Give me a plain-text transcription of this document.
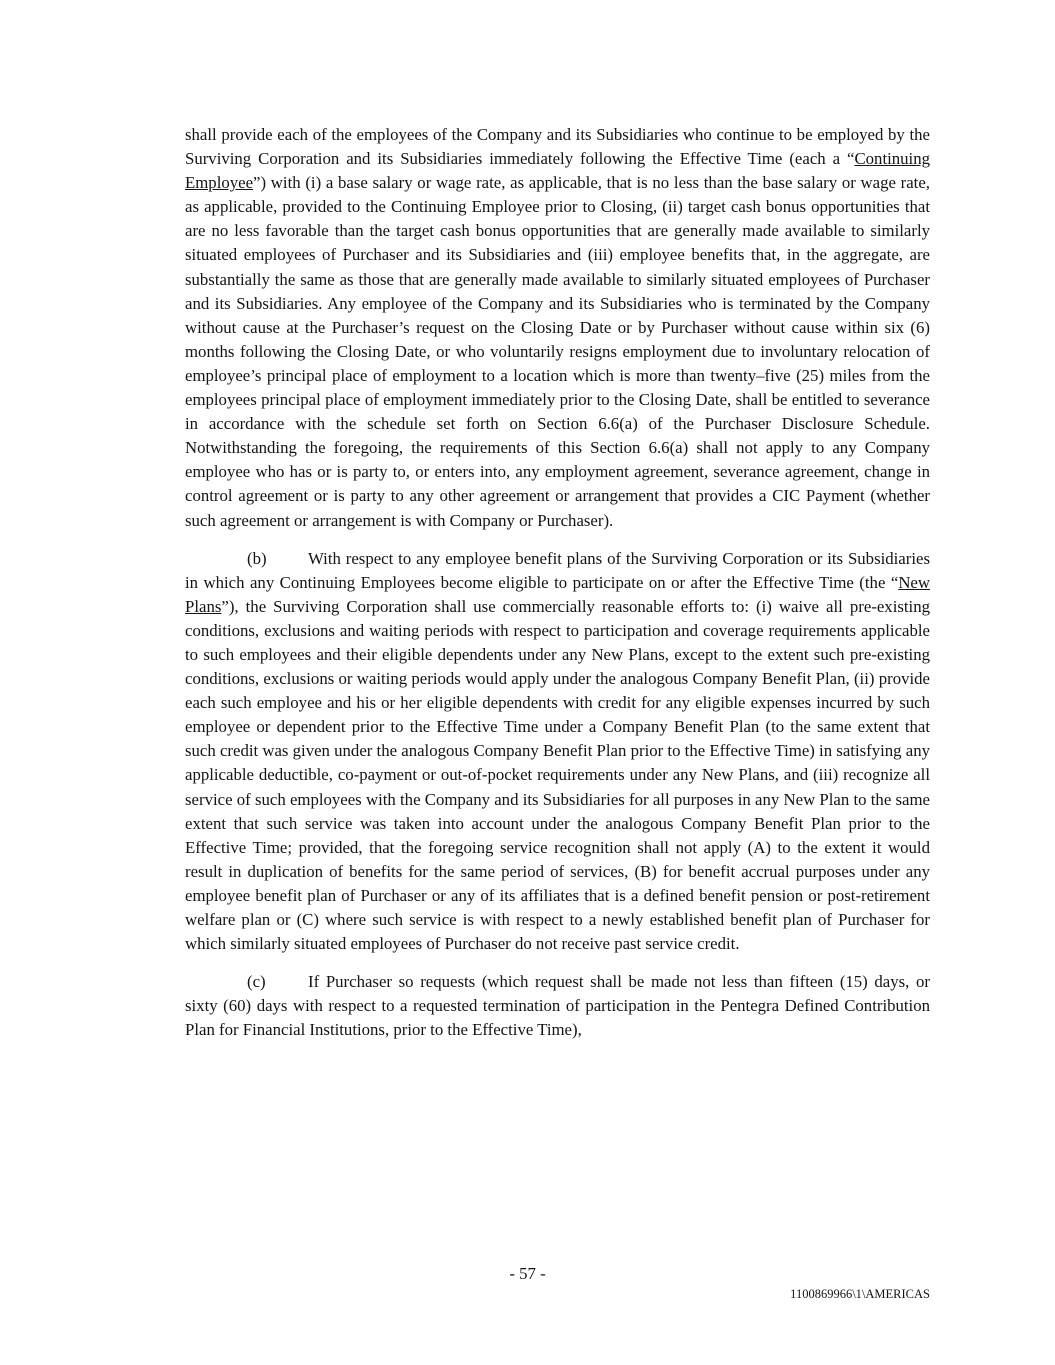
shall provide each of the employees of the Company and its Subsidiaries who continue to be employed by the Surviving Corporation and its Subsidiaries immediately following the Effective Time (each a “Continuing Employee”) with (i) a base salary or wage rate, as applicable, that is no less than the base salary or wage rate, as applicable, provided to the Continuing Employee prior to Closing, (ii) target cash bonus opportunities that are no less favorable than the target cash bonus opportunities that are generally made available to similarly situated employees of Purchaser and its Subsidiaries and (iii) employee benefits that, in the aggregate, are substantially the same as those that are generally made available to similarly situated employees of Purchaser and its Subsidiaries. Any employee of the Company and its Subsidiaries who is terminated by the Company without cause at the Purchaser’s request on the Closing Date or by Purchaser without cause within six (6) months following the Closing Date, or who voluntarily resigns employment due to involuntary relocation of employee’s principal place of employment to a location which is more than twenty–five (25) miles from the employees principal place of employment immediately prior to the Closing Date, shall be entitled to severance in accordance with the schedule set forth on Section 6.6(a) of the Purchaser Disclosure Schedule. Notwithstanding the foregoing, the requirements of this Section 6.6(a) shall not apply to any Company employee who has or is party to, or enters into, any employment agreement, severance agreement, change in control agreement or is party to any other agreement or arrangement that provides a CIC Payment (whether such agreement or arrangement is with Company or Purchaser).

(b) With respect to any employee benefit plans of the Surviving Corporation or its Subsidiaries in which any Continuing Employees become eligible to participate on or after the Effective Time (the “New Plans”), the Surviving Corporation shall use commercially reasonable efforts to: (i) waive all pre-existing conditions, exclusions and waiting periods with respect to participation and coverage requirements applicable to such employees and their eligible dependents under any New Plans, except to the extent such pre-existing conditions, exclusions or waiting periods would apply under the analogous Company Benefit Plan, (ii) provide each such employee and his or her eligible dependents with credit for any eligible expenses incurred by such employee or dependent prior to the Effective Time under a Company Benefit Plan (to the same extent that such credit was given under the analogous Company Benefit Plan prior to the Effective Time) in satisfying any applicable deductible, co-payment or out-of-pocket requirements under any New Plans, and (iii) recognize all service of such employees with the Company and its Subsidiaries for all purposes in any New Plan to the same extent that such service was taken into account under the analogous Company Benefit Plan prior to the Effective Time; provided, that the foregoing service recognition shall not apply (A) to the extent it would result in duplication of benefits for the same period of services, (B) for benefit accrual purposes under any employee benefit plan of Purchaser or any of its affiliates that is a defined benefit pension or post-retirement welfare plan or (C) where such service is with respect to a newly established benefit plan of Purchaser for which similarly situated employees of Purchaser do not receive past service credit.

(c)	If Purchaser so requests (which request shall be made not less than fifteen (15) days, or sixty (60) days with respect to a requested termination of participation in the Pentegra Defined Contribution Plan for Financial Institutions, prior to the Effective Time),

- 57 -
1100869966\1\AMERICAS
